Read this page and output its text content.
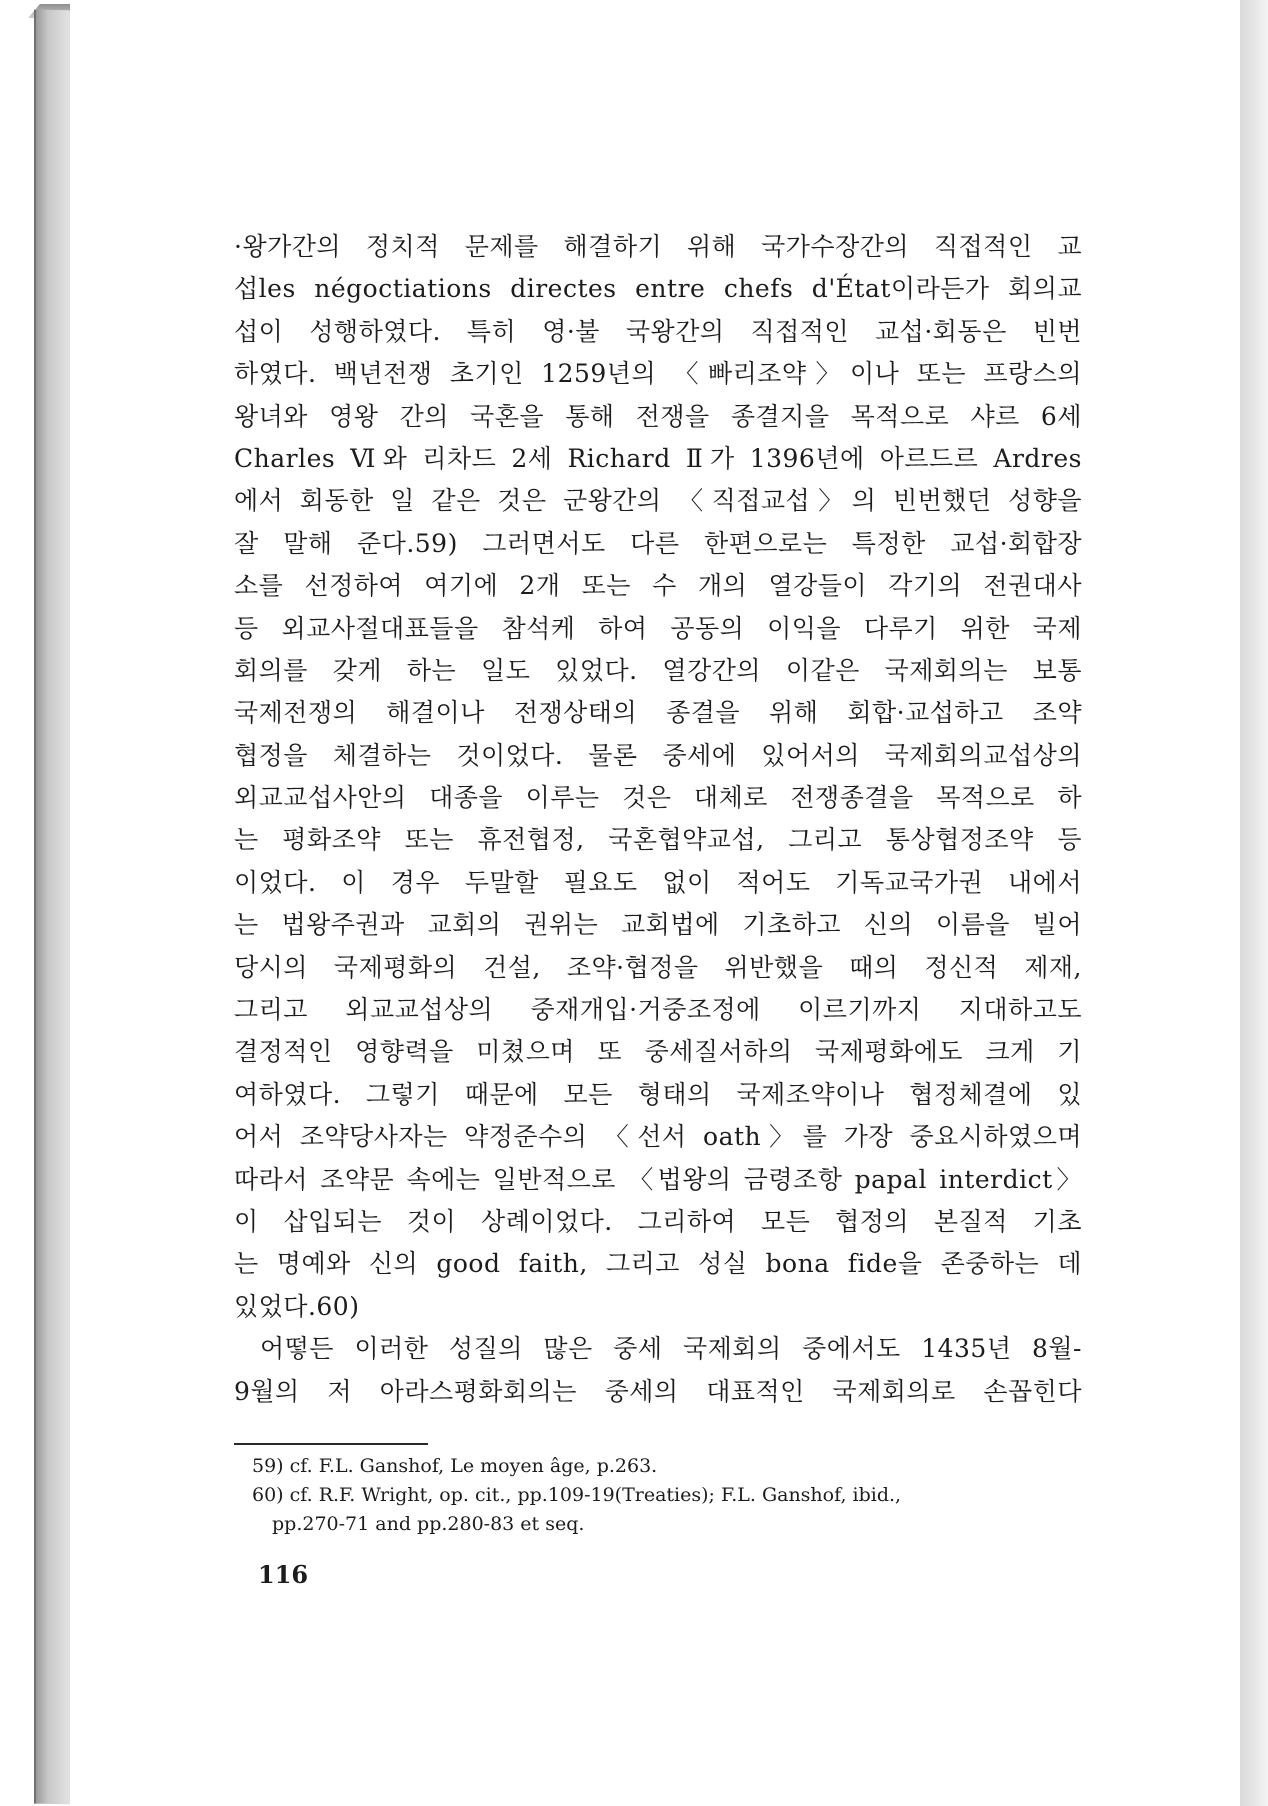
·왕가간의 정치적 문제를 해결하기 위해 국가수장간의 직접적인 교
섭les négoctiations directes entre chefs d'État이라든가 회의교
섭이 성행하였다. 특히 영·불 국왕간의 직접적인 교섭·회동은 빈번
하였다. 백년전쟁 초기인 1259년의 〈빠리조약〉이나 또는 프랑스의
왕녀와 영왕 간의 국혼을 통해 전쟁을 종결지을 목적으로 샤르 6세
Charles Ⅵ와 리차드 2세 Richard Ⅱ가 1396년에 아르드르 Ardres
에서 회동한 일 같은 것은 군왕간의 〈직접교섭〉의 빈번했던 성향을
잘 말해 준다.59) 그러면서도 다른 한편으로는 특정한 교섭·회합장
소를 선정하여 여기에 2개 또는 수 개의 열강들이 각기의 전권대사
등 외교사절대표들을 참석케 하여 공동의 이익을 다루기 위한 국제
회의를 갖게 하는 일도 있었다. 열강간의 이같은 국제회의는 보통
국제전쟁의 해결이나 전쟁상태의 종결을 위해 회합·교섭하고 조약
협정을 체결하는 것이었다. 물론 중세에 있어서의 국제회의교섭상의
외교교섭사안의 대종을 이루는 것은 대체로 전쟁종결을 목적으로 하
는 평화조약 또는 휴전협정, 국혼협약교섭, 그리고 통상협정조약 등
이었다. 이 경우 두말할 필요도 없이 적어도 기독교국가권 내에서
는 법왕주권과 교회의 권위는 교회법에 기초하고 신의 이름을 빌어
당시의 국제평화의 건설, 조약·협정을 위반했을 때의 정신적 제재,
그리고 외교교섭상의 중재개입·거중조정에 이르기까지 지대하고도
결정적인 영향력을 미쳤으며 또 중세질서하의 국제평화에도 크게 기
여하였다. 그렇기 때문에 모든 형태의 국제조약이나 협정체결에 있
어서 조약당사자는 약정준수의 〈선서 oath〉를 가장 중요시하였으며
따라서 조약문 속에는 일반적으로 〈법왕의 금령조항 papal interdict〉
이 삽입되는 것이 상례이었다. 그리하여 모든 협정의 본질적 기초
는 명예와 신의 good faith, 그리고 성실 bona fide을 존중하는 데
있었다.60)
어떻든 이러한 성질의 많은 중세 국제회의 중에서도 1435년 8월-
9월의 저 아라스평화회의는 중세의 대표적인 국제회의로 손꼽힌다
59) cf. F.L. Ganshof, Le moyen âge, p.263.
60) cf. R.F. Wright, op. cit., pp.109-19(Treaties); F.L. Ganshof, ibid.,
pp.270-71 and pp.280-83 et seq.
116
